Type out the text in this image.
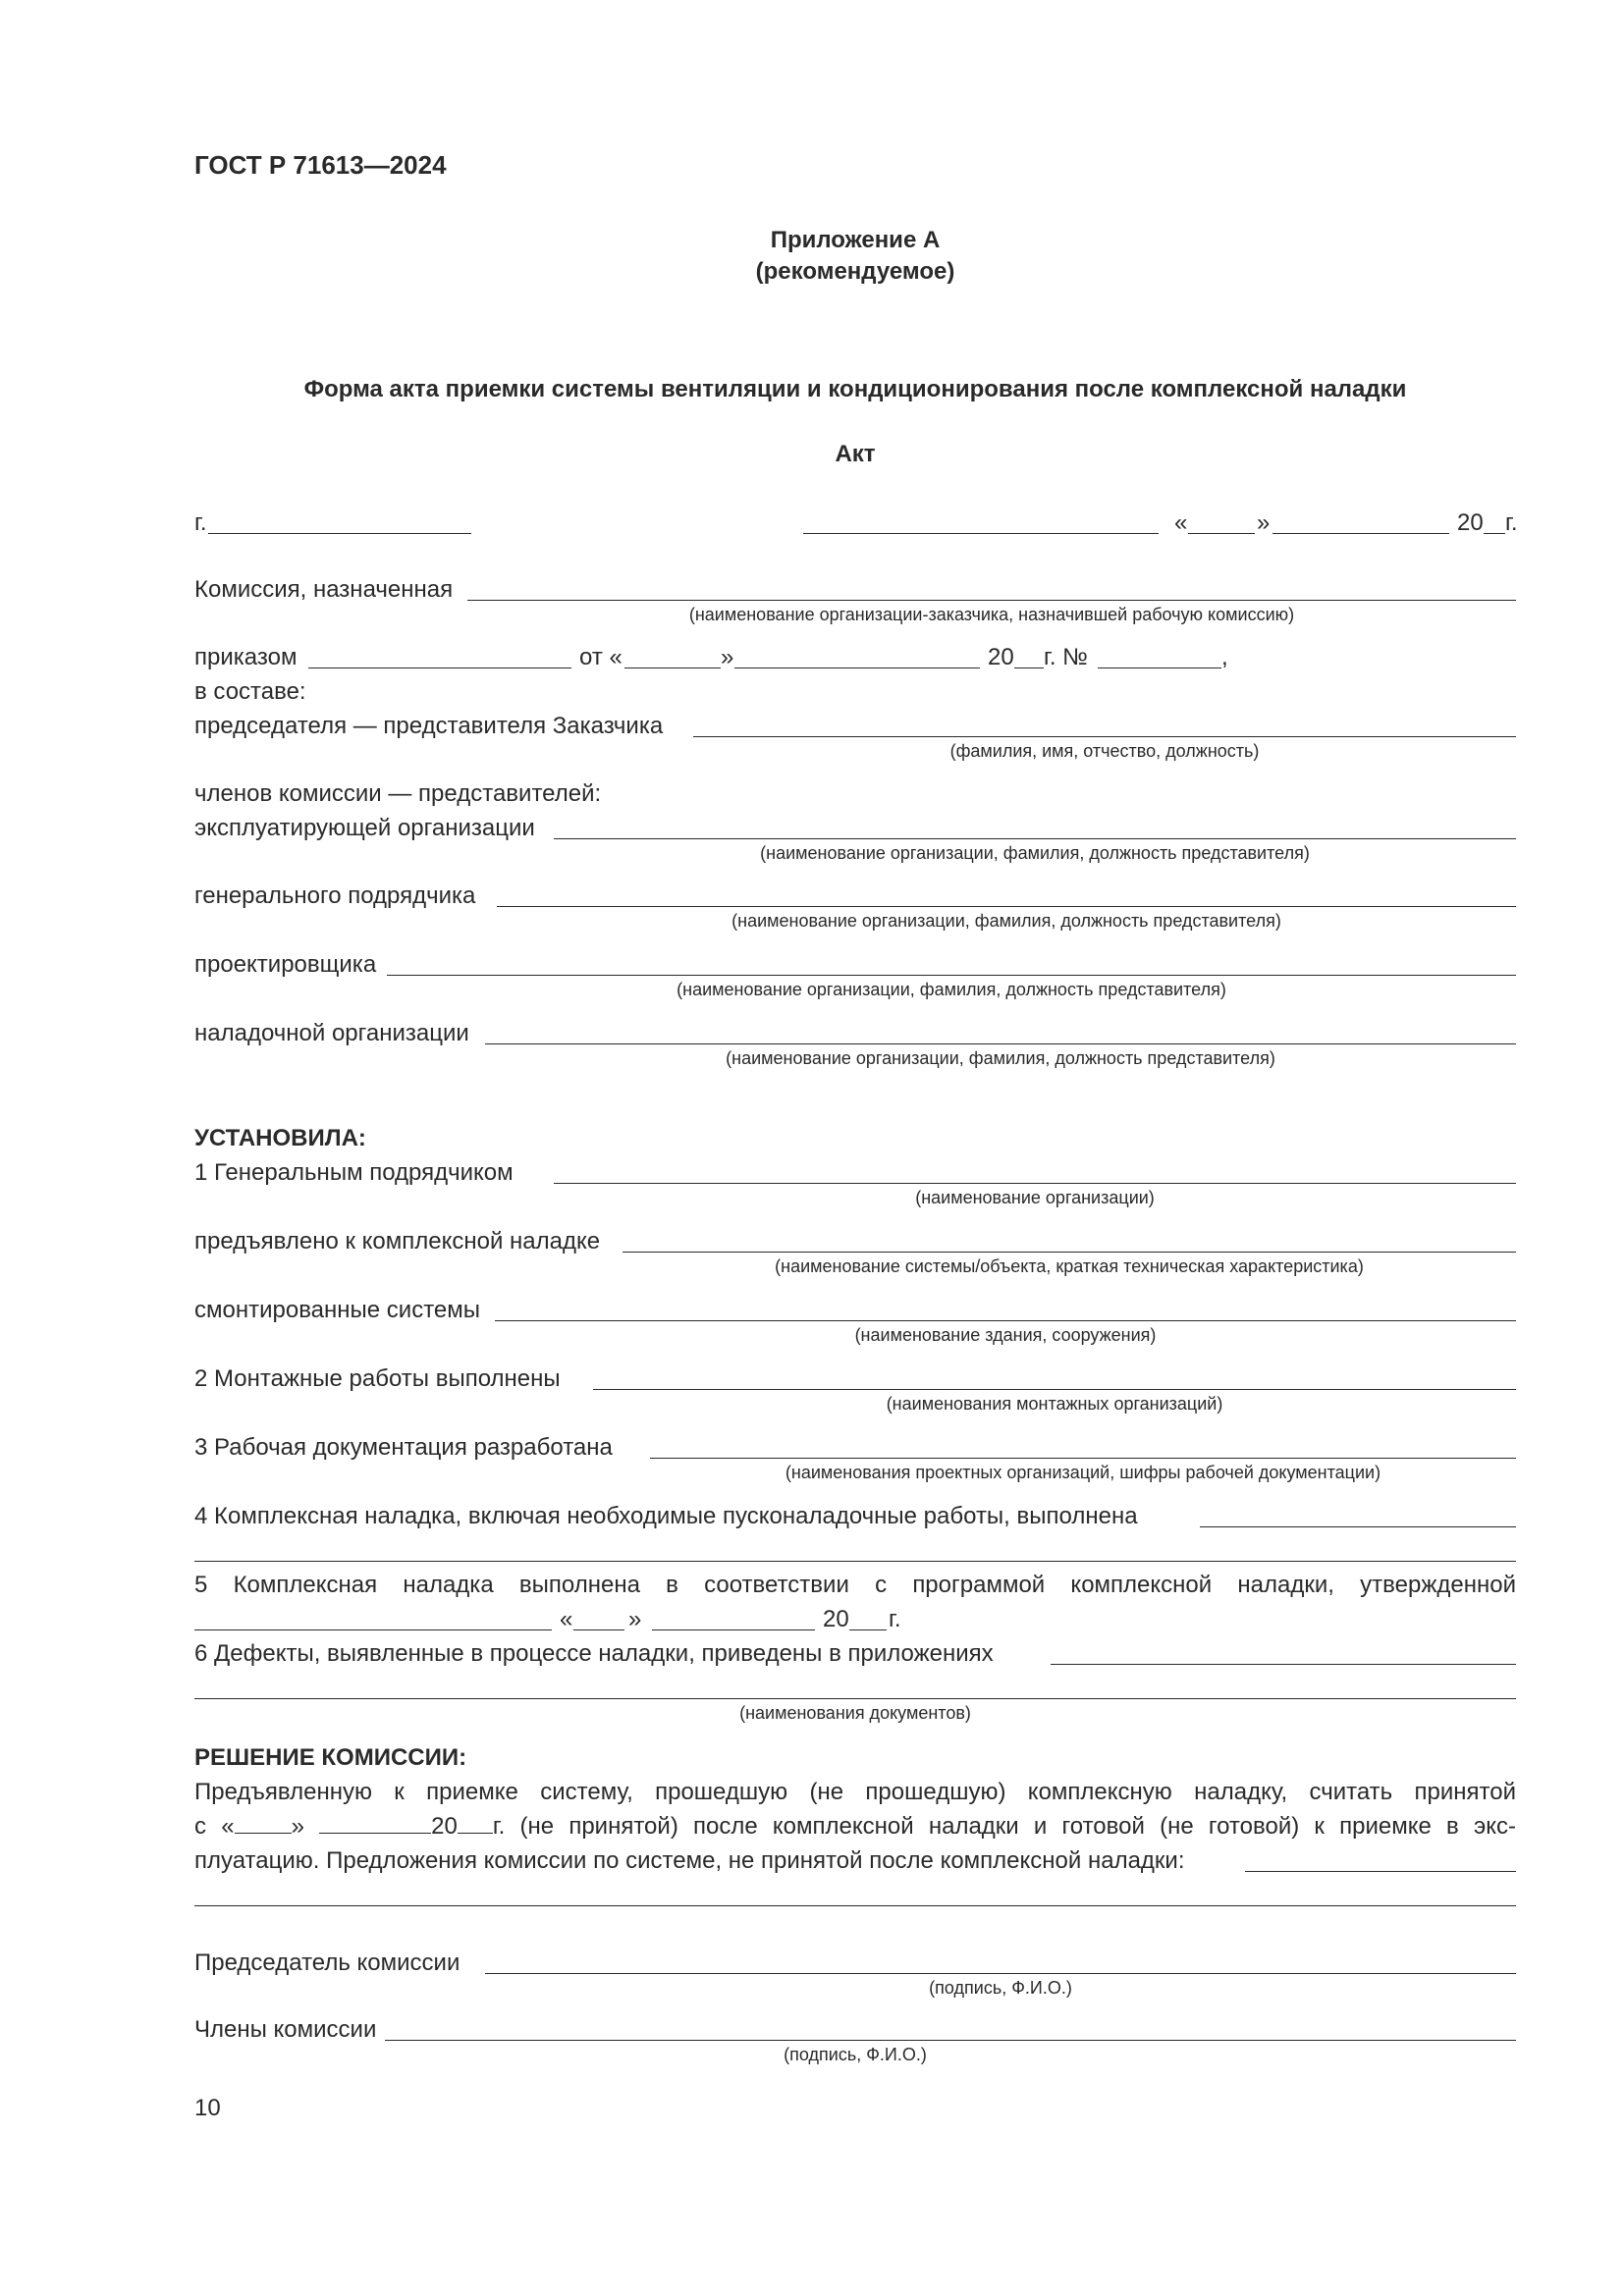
ГОСТ Р 71613—2024
Приложение А
(рекомендуемое)
Форма акта приемки системы вентиляции и кондиционирования после комплексной наладки
Акт
г.	«	»	20 г.
Комиссия, назначенная
(наименование организации-заказчика, назначившей рабочую комиссию)
приказом	от «	»	20 г. №	,
в составе:
председателя — представителя Заказчика
(фамилия, имя, отчество, должность)
членов комиссии — представителей:
эксплуатирующей организации
(наименование организации, фамилия, должность представителя)
генерального подрядчика
(наименование организации, фамилия, должность представителя)
проектировщика
(наименование организации, фамилия, должность представителя)
наладочной организации
(наименование организации, фамилия, должность представителя)
УСТАНОВИЛА:
1 Генеральным подрядчиком
(наименование организации)
предъявлено к комплексной наладке
(наименование системы/объекта, краткая техническая характеристика)
смонтированные системы
(наименование здания, сооружения)
2 Монтажные работы выполнены
(наименования монтажных организаций)
3 Рабочая документация разработана
(наименования проектных организаций, шифры рабочей документации)
4 Комплексная наладка, включая необходимые пусконаладочные работы, выполнена
5 Комплексная наладка выполнена в соответствии с программой комплексной наладки, утвержденной
« »	20 г.
6 Дефекты, выявленные в процессе наладки, приведены в приложениях
(наименования документов)
РЕШЕНИЕ КОМИССИИ:
Предъявленную к приемке систему, прошедшую (не прошедшую) комплексную наладку, считать принятой
с « »	20 г. (не принятой) после комплексной наладки и готовой (не готовой) к приемке в экс-
плуатацию. Предложения комиссии по системе, не принятой после комплексной наладки:
Председатель комиссии
(подпись, Ф.И.О.)
Члены комиссии
(подпись, Ф.И.О.)
10
